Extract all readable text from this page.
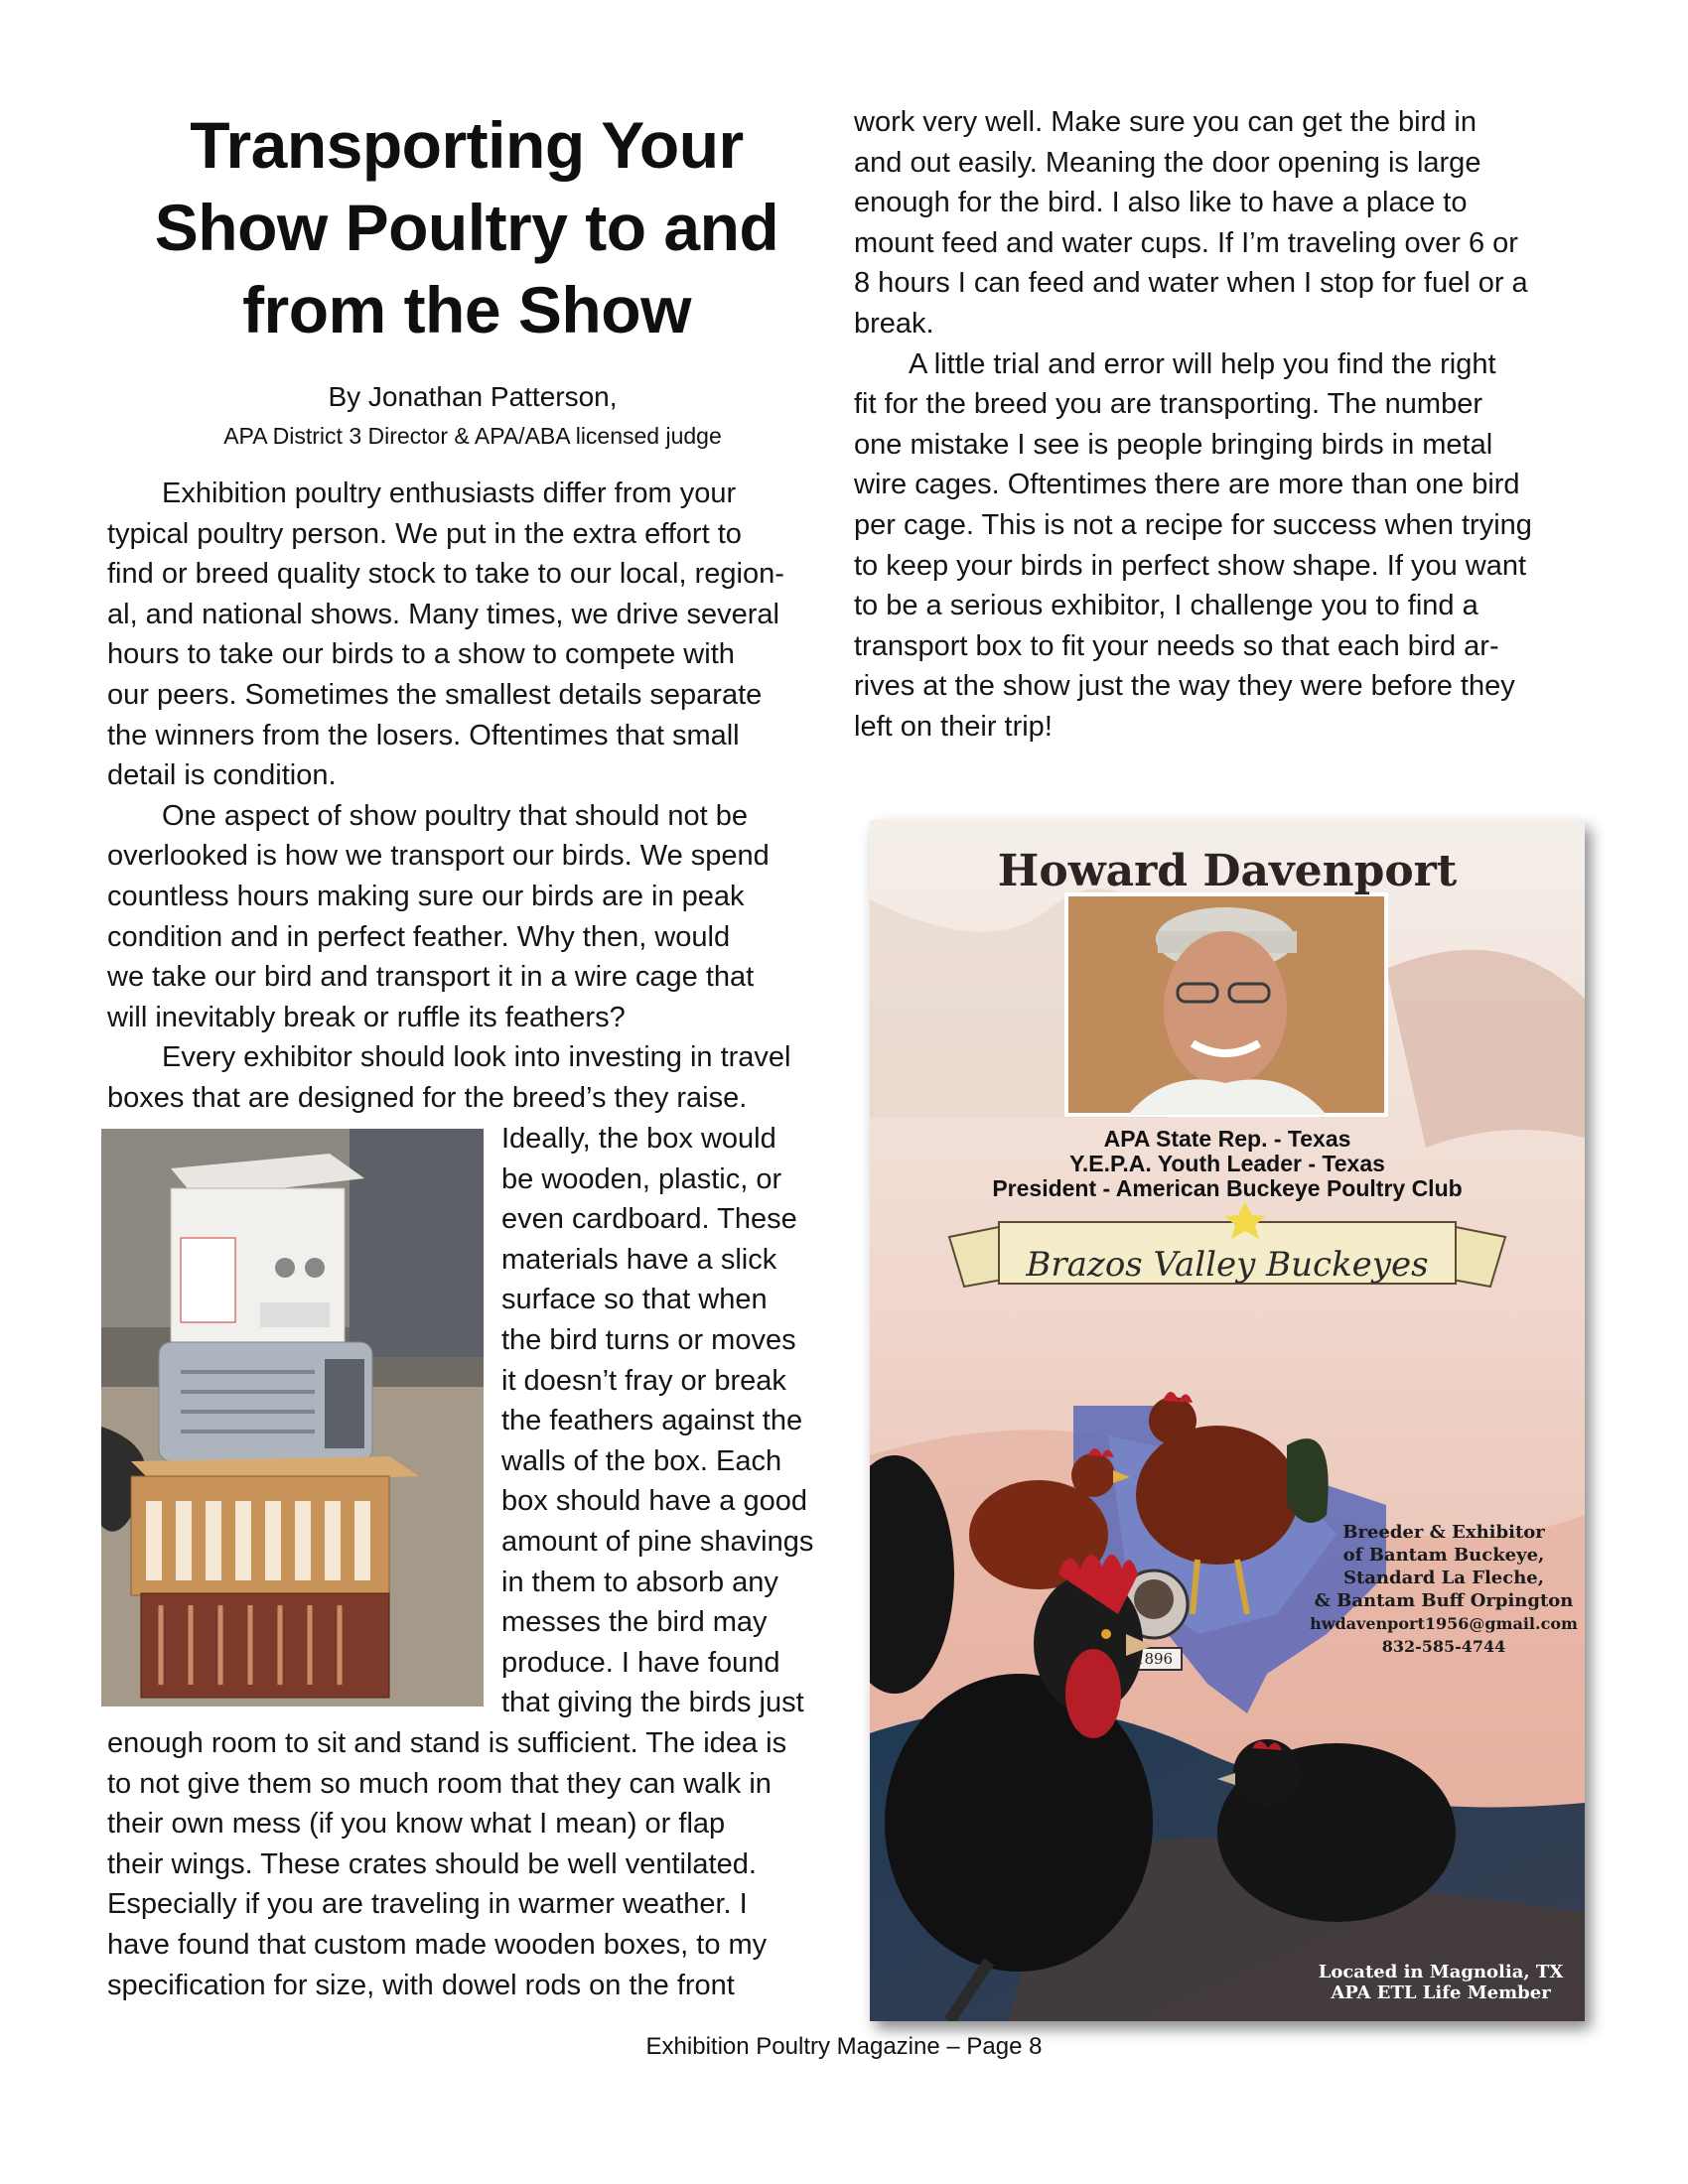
Transporting Your
Show Poultry to and
from the Show
By Jonathan Patterson,
APA District 3 Director & APA/ABA licensed judge
Exhibition poultry enthusiasts differ from your
typical poultry person. We put in the extra effort to
find or breed quality stock to take to our local, region-
al, and national shows. Many times, we drive several
hours to take our birds to a show to compete with
our peers. Sometimes the smallest details separate
the winners from the losers. Oftentimes that small
detail is condition.
One aspect of show poultry that should not be
overlooked is how we transport our birds. We spend
countless hours making sure our birds are in peak
condition and in perfect feather. Why then, would
we take our bird and transport it in a wire cage that
will inevitably break or ruffle its feathers?
Every exhibitor should look into investing in travel
boxes that are designed for the breed’s they raise.
Ideally, the box would
be wooden, plastic, or
even cardboard. These
materials have a slick
surface so that when
the bird turns or moves
it doesn’t fray or break
the feathers against the
walls of the box. Each
box should have a good
amount of pine shavings
in them to absorb any
messes the bird may
produce. I have found
that giving the birds just
enough room to sit and stand is sufficient. The idea is
to not give them so much room that they can walk in
their own mess (if you know what I mean) or flap
their wings. These crates should be well ventilated.
Especially if you are traveling in warmer weather. I
have found that custom made wooden boxes, to my
specification for size, with dowel rods on the front
work very well. Make sure you can get the bird in
and out easily. Meaning the door opening is large
enough for the bird. I also like to have a place to
mount feed and water cups. If I’m traveling over 6 or
8 hours I can feed and water when I stop for fuel or a
break.
A little trial and error will help you find the right
fit for the breed you are transporting. The number
one mistake I see is people bringing birds in metal
wire cages. Oftentimes there are more than one bird
per cage. This is not a recipe for success when trying
to keep your birds in perfect show shape. If you want
to be a serious exhibitor, I challenge you to find a
transport box to fit your needs so that each bird ar-
rives at the show just the way they were before they
left on their trip!
Howard Davenport
APA State Rep. - Texas
Y.E.P.A. Youth Leader - Texas
President - American Buckeye Poultry Club
Brazos Valley Buckeyes
1896
Breeder & Exhibitor
of Bantam Buckeye,
Standard La Fleche,
& Bantam Buff Orpington
hwdavenport1956@gmail.com
832-585-4744
Located in Magnolia, TX
APA ETL Life Member
Exhibition Poultry Magazine – Page 8
